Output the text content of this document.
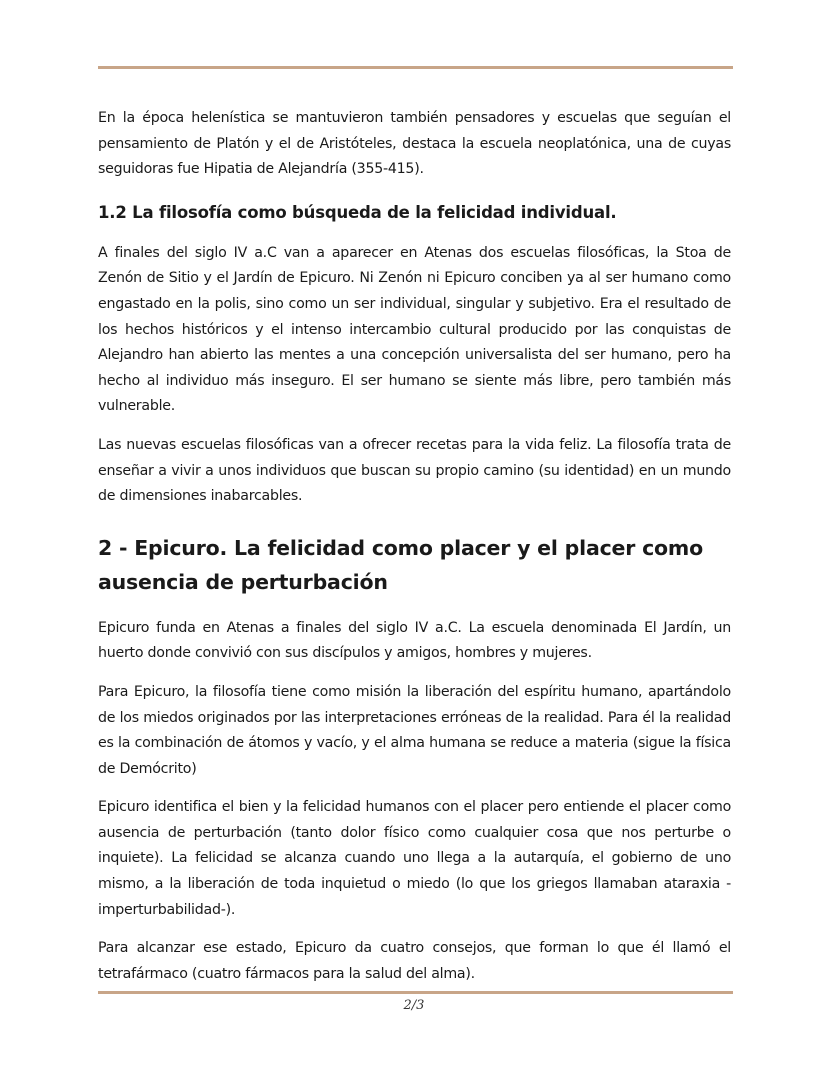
En la época helenística se mantuvieron también pensadores y escuelas que seguían el pensamiento de Platón y el de Aristóteles, destaca la escuela neoplatónica, una de cuyas seguidoras fue Hipatia de Alejandría (355-415).

1.2 La filosofía como búsqueda de la felicidad individual.

A finales del siglo IV a.C van a aparecer en Atenas dos escuelas filosóficas, la Stoa de Zenón de Sitio y el Jardín de Epicuro. Ni Zenón ni Epicuro conciben ya al ser humano como engastado en la polis, sino como un ser individual, singular y subjetivo. Era el resultado de los hechos históricos y el intenso intercambio cultural producido por las conquistas de Alejandro han abierto las mentes a una concepción universalista del ser humano, pero ha hecho al individuo más inseguro. El ser humano se siente más libre, pero también más vulnerable.

Las nuevas escuelas filosóficas van a ofrecer recetas para la vida feliz. La filosofía trata de enseñar a vivir a unos individuos que buscan su propio camino (su identidad) en un mundo de dimensiones inabarcables.

2 - Epicuro. La felicidad como placer y el placer como ausencia de perturbación

Epicuro funda en Atenas a finales del siglo IV a.C. La escuela denominada El Jardín, un huerto donde convivió con sus discípulos y amigos, hombres y mujeres.

Para Epicuro, la filosofía tiene como misión la liberación del espíritu humano, apartándolo de los miedos originados por las interpretaciones erróneas de la realidad. Para él la realidad es la combinación de átomos y vacío, y el alma humana se reduce a materia (sigue la física de Demócrito)

Epicuro identifica el bien y la felicidad humanos con el placer pero entiende el placer como ausencia de perturbación (tanto dolor físico como cualquier cosa que nos perturbe o inquiete). La felicidad se alcanza cuando uno llega a la autarquía, el gobierno de uno mismo, a la liberación de toda inquietud o miedo (lo que los griegos llamaban ataraxia -imperturbabilidad-).

Para alcanzar ese estado, Epicuro da cuatro consejos, que forman lo que él llamó el tetrafármaco (cuatro fármacos para la salud del alma).

2/3
